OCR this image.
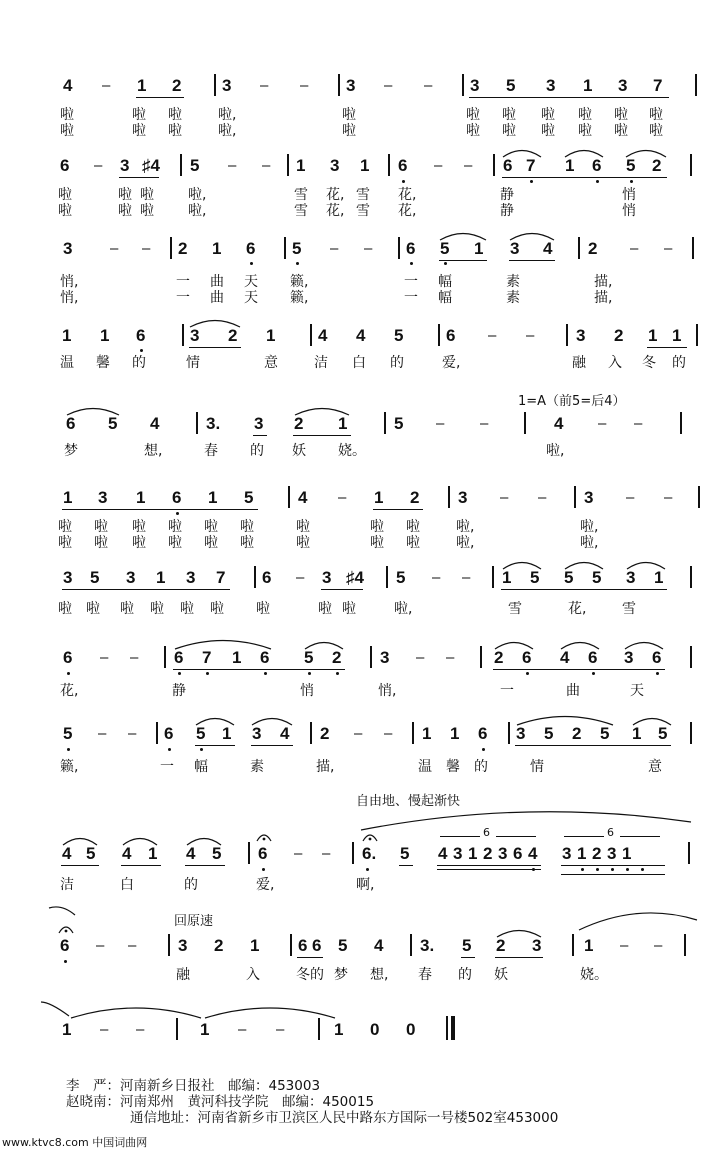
4 – 1 2 3 – – 3 – – 3 5 3 1 3 7
啦	啦 啦	啦,	啦	啦 啦 啦 啦 啦 啦
啦	啦 啦	啦,	啦	啦 啦 啦 啦 啦 啦
6 – 3 ♯4 5 – – 1 3 1 6 – – 6 7 1 6 5 2
啦	啦 啦 啦,	雪 花, 雪 花,	静	悄
啦	啦 啦 啦,	雪 花, 雪 花,	静	悄
3	– – 2 1 6 5 – – 6 5 1 3 4 2 – –
悄,	一 曲 天 籁,	一 幅	素	描,
悄,	一 曲 天 籁,	一 幅	素	描,
1 1 6	3 2 1	4 4 5	6 – – 3 2 1 1
温 馨 的	情	意	洁 白 的	爱,	融 入 冬 的
1=A（前5=后4）
6 5 4	3. 3 2 1	5 – –	4 – –
梦	想,	春 的 妖 娆。	啦,
1 3 1 6 1 5	4 – 1 2 3 – – 3 – –
啦 啦 啦 啦 啦 啦	啦	啦 啦	啦,	啦,
啦 啦 啦 啦 啦 啦	啦	啦 啦	啦,	啦,
3 5 3 1 3 7 6 – 3 ♯4 5 – – 1 5 5 5 3 1
啦 啦 啦 啦 啦 啦 啦	啦 啦	啦,	雪	花,	雪
6 – – 6 7 1 6 5 2 3 – – 2 6 4 6 3 6
花,	静	悄	悄,	一	曲	天
5 – – 6 5 1 3 4 2 – – 1 1 6 3 5 2 5 1 5
籁,	一 幅	素	描,	温 馨 的	情	意
自由地、慢起渐快
4 5 4 1 4 5 6 – – 6. 5 4 3 1 2 3 6 4
6
3 1 2 3 1
6
洁	白	的	爱,	啊,
回原速
6 – – 3 2 1 6 6 5 4 3. 5 2 3	1 – –
融	入	冬的 梦 想, 春 的 妖	娆。
1 – –	1 – –	1 0 0
李　严：河南新乡日报社　邮编：453003
赵晓南：河南郑州　黄河科技学院　邮编：450015
通信地址：河南省新乡市卫滨区人民中路东方国际一号楼502室453000
www.ktvc8.com 中国词曲网
